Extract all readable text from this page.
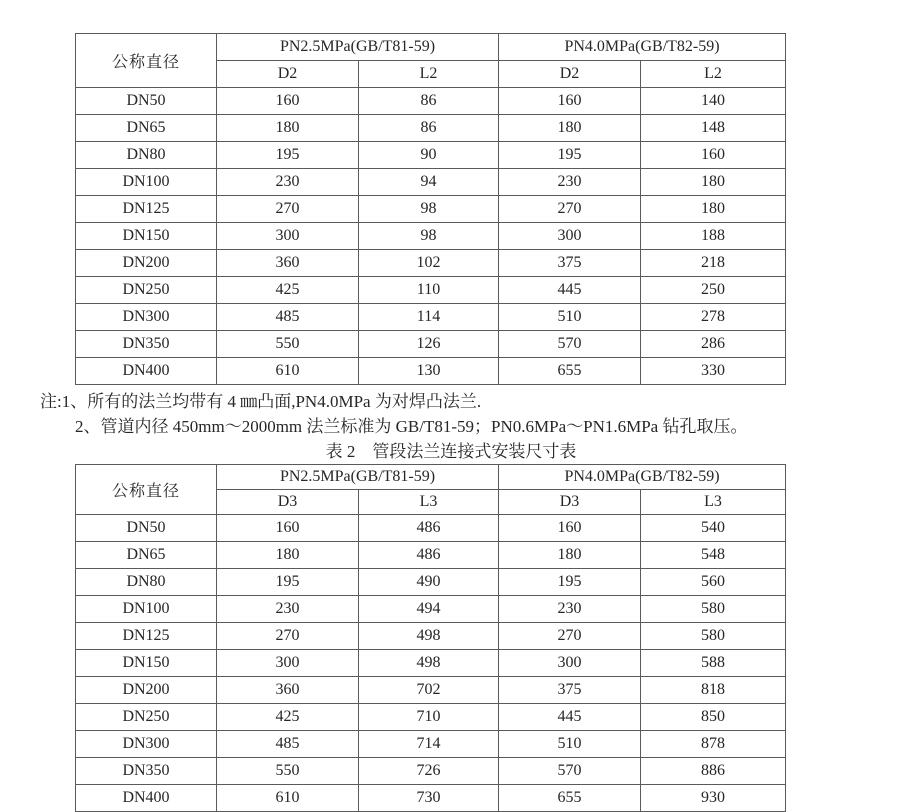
公称直径	PN2.5MPa(GB/T81-59)		PN4.0MPa(GB/T82-59)	
	D2	L2	D2	L2
DN50	160	86	160	140
DN65	180	86	180	148
DN80	195	90	195	160
DN100	230	94	230	180
DN125	270	98	270	180
DN150	300	98	300	188
DN200	360	102	375	218
DN250	425	110	445	250
DN300	485	114	510	278
DN350	550	126	570	286
DN400	610	130	655	330

注:1、所有的法兰均带有 4 ㎜凸面,PN4.0MPa 为对焊凸法兰.

2、管道内径 450mm～2000mm 法兰标准为 GB/T81-59；PN0.6MPa～PN1.6MPa 钻孔取压。

表 2　管段法兰连接式安装尺寸表

公称直径	PN2.5MPa(GB/T81-59)		PN4.0MPa(GB/T82-59)	
	D3	L3	D3	L3
DN50	160	486	160	540
DN65	180	486	180	548
DN80	195	490	195	560
DN100	230	494	230	580
DN125	270	498	270	580
DN150	300	498	300	588
DN200	360	702	375	818
DN250	425	710	445	850
DN300	485	714	510	878
DN350	550	726	570	886
DN400	610	730	655	930
